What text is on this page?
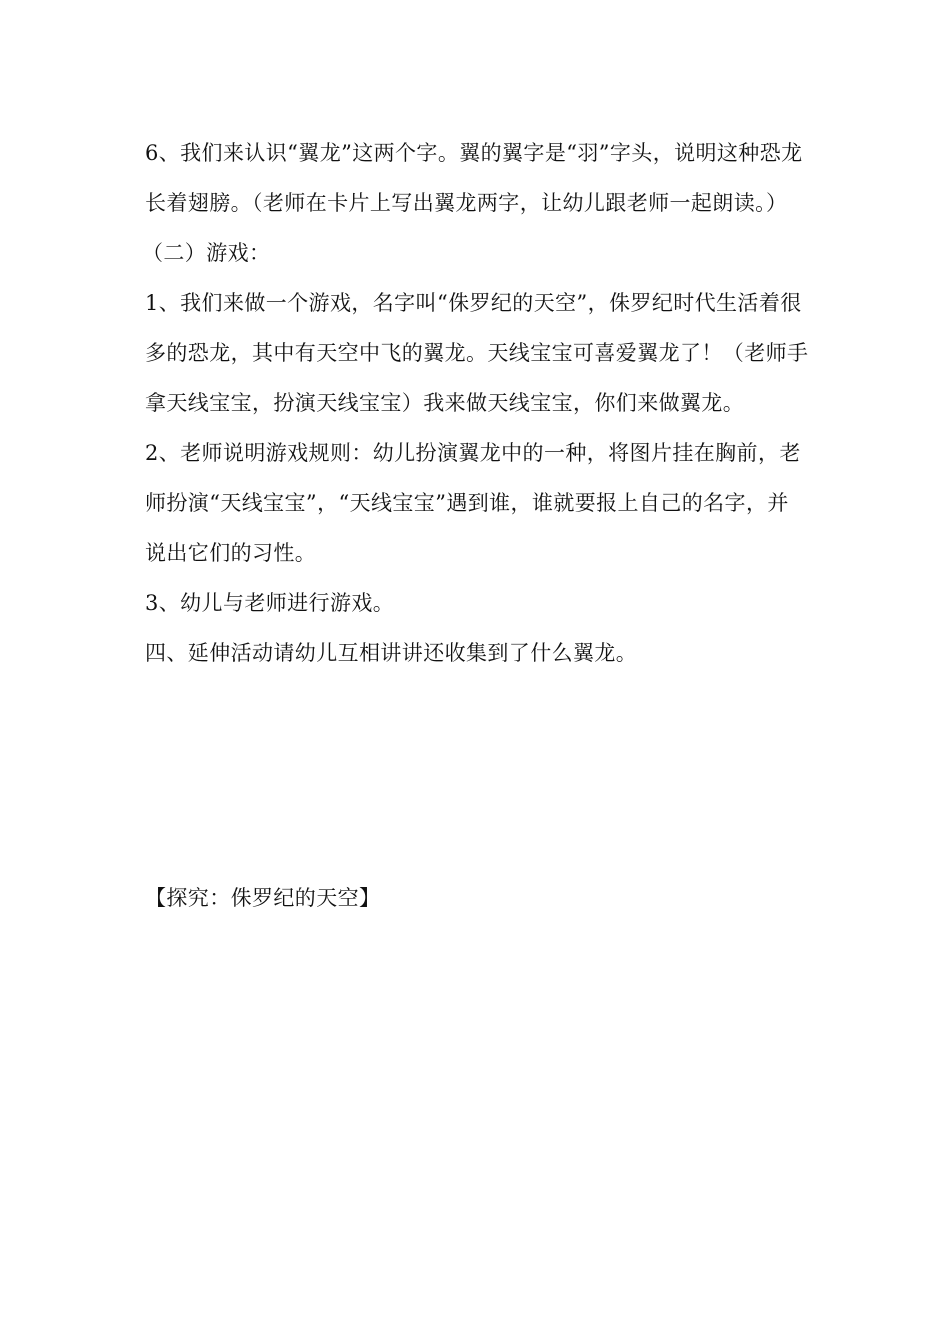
6、我们来认识“翼龙”这两个字。翼的翼字是“羽”字头，说明这种恐龙长着翅膀。（老师在卡片上写出翼龙两字，让幼儿跟老师一起朗读。）

（二）游戏：

1、我们来做一个游戏，名字叫“侏罗纪的天空”，侏罗纪时代生活着很多的恐龙，其中有天空中飞的翼龙。天线宝宝可喜爱翼龙了！（老师手拿天线宝宝，扮演天线宝宝）我来做天线宝宝，你们来做翼龙。

2、老师说明游戏规则：幼儿扮演翼龙中的一种，将图片挂在胸前，老师扮演“天线宝宝”，“天线宝宝”遇到谁，谁就要报上自己的名字，并说出它们的习性。

3、幼儿与老师进行游戏。

四、延伸活动请幼儿互相讲讲还收集到了什么翼龙。

【探究：侏罗纪的天空】
